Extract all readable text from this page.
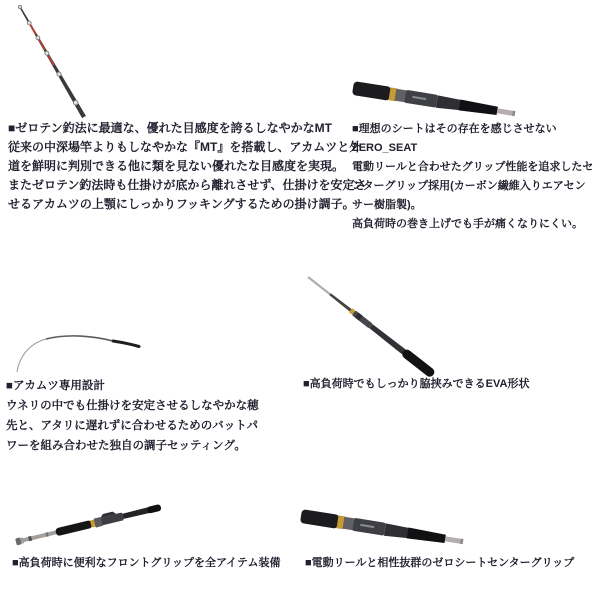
■ゼロテン釣法に最適な、優れた目感度を誇るしなやかなMT
従来の中深場竿よりもしなやかな『MT』を搭載し、アカムツと外
道を鮮明に判別できる他に類を見ない優れたな目感度を実現。
またゼロテン釣法時も仕掛けが底から離れさせず、仕掛けを安定さ
せるアカムツの上顎にしっかりフッキングするための掛け調子。
■理想のシートはその存在を感じさせない
ZERO_SEAT
電動リールと合わせたグリップ性能を追求したセ
ンターグリップ採用(カーボン繊維入りエアセン
サー樹脂製)。
高負荷時の巻き上げでも手が痛くなりにくい。
■アカムツ専用設計
ウネリの中でも仕掛けを安定させるしなやかな穂
先と、アタリに遅れずに合わせるためのバットパ
ワーを組み合わせた独自の調子セッティング。
■高負荷時でもしっかり脇挟みできるEVA形状
■高負荷時に便利なフロントグリップを全アイテム装備 ■電動リールと相性抜群のゼロシートセンターグリップ
